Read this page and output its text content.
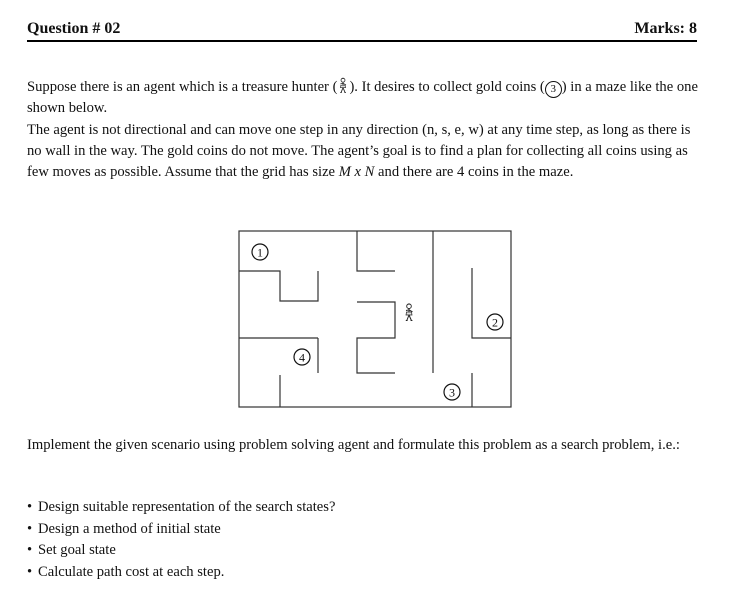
Question # 02	Marks: 8

Suppose there is an agent which is a treasure hunter ( ). It desires to collect gold coins ( 3 ) in a maze like the one shown below.

The agent is not directional and can move one step in any direction (n, s, e, w) at any time step, as long as there is no wall in the way. The gold coins do not move. The agent’s goal is to find a plan for collecting all coins using as few moves as possible. Assume that the grid has size M x N and there are 4 coins in the maze.

1
4
2
3

Implement the given scenario using problem solving agent and formulate this problem as a search problem, i.e.:

• Design suitable representation of the search states?
• Design a method of initial state
• Set goal state
• Calculate path cost at each step.
